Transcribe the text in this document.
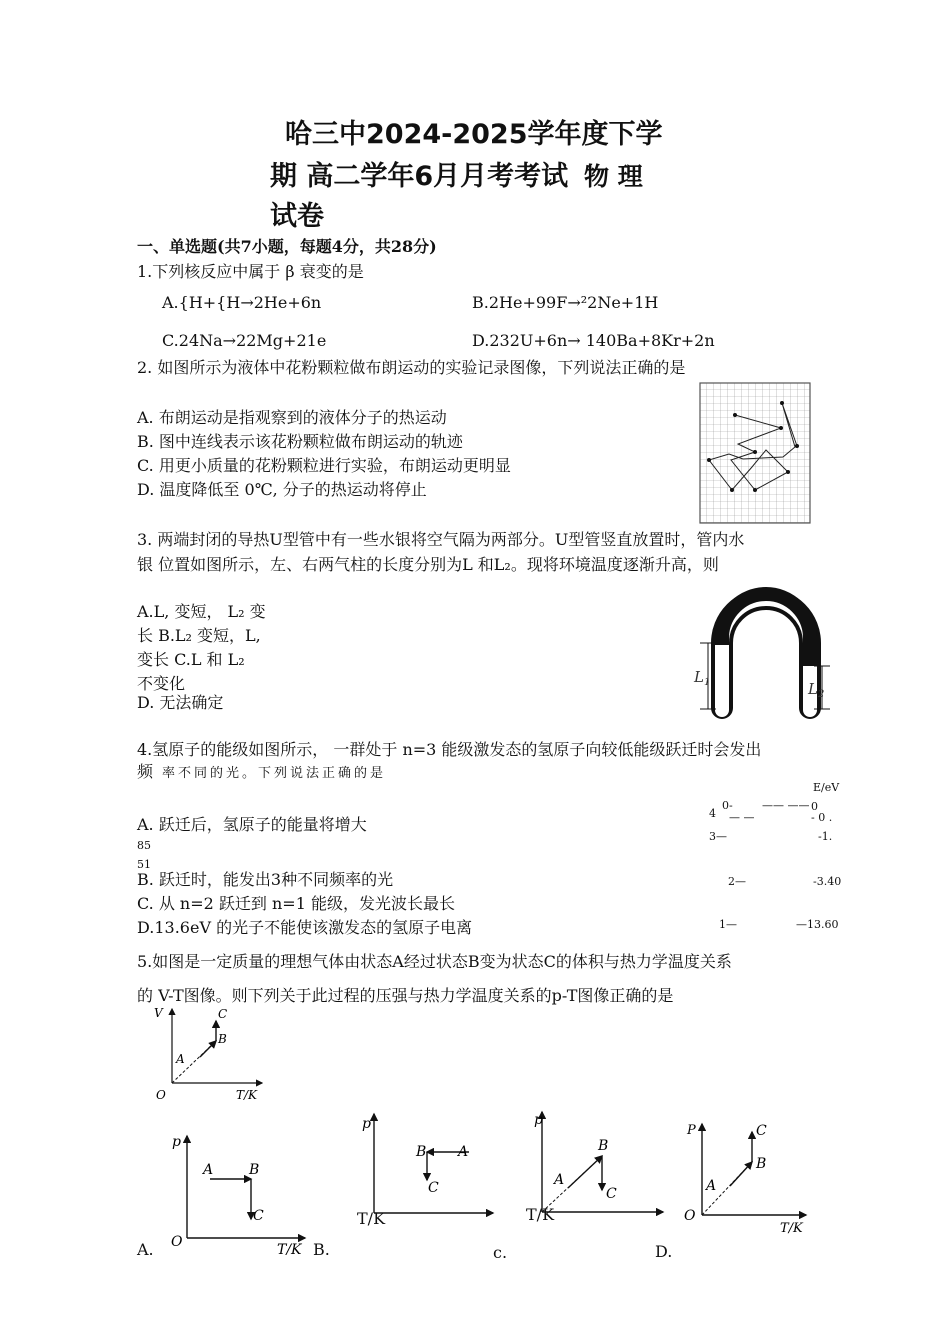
哈三中2024-2025学年度下学
期 高二学年6月月考考试 物 理
试卷
一、单选题(共7小题，每题4分，共28分)
1.下列核反应中属于 β 衰变的是
A.{H+{H→2He+6n	B.2He+99F→²2Ne+1H
C.24Na→22Mg+21e	D.232U+6n→ 140Ba+8Kr+2n
2. 如图所示为液体中花粉颗粒做布朗运动的实验记录图像，下列说法正确的是
A. 布朗运动是指观察到的液体分子的热运动
B. 图中连线表示该花粉颗粒做布朗运动的轨迹
C. 用更小质量的花粉颗粒进行实验，布朗运动更明显
D. 温度降低至 0℃, 分子的热运动将停止
3. 两端封闭的导热U型管中有一些水银将空气隔为两部分。U型管竖直放置时，管内水
银 位置如图所示，左、右两气柱的长度分别为L 和L₂。现将环境温度逐渐升高，则
A.L, 变短， L₂ 变
长 B.L₂ 变短，L,
变长 C.L 和 L₂
不变化
D. 无法确定
$L_1$	$L_2$
4.氢原子的能级如图所示， 一群处于 n=3 能级激发态的氢原子向较低能级跃迁时会发出
频 率不同的光。下列说法正确的是
A. 跃迁后，氢原子的能量将增大
85
51
B. 跃迁时，能发出3种不同频率的光
C. 从 n=2 跃迁到 n=1 能级，发光波长最长
D.13.6eV 的光子不能使该激发态的氢原子电离
E/eV
4
0-	—— —— 0
— —	- 0 .
3—	-1.
2—	-3.40
1—	—13.60
5.如图是一定质量的理想气体由状态A经过状态B变为状态C的体积与热力学温度关系
的 V-T图像。则下列关于此过程的压强与热力学温度关系的p-T图像正确的是
V
O	T/K
A
B
C
p
O	T/K
A	B
C
A.
p
A
B
C
T/K
B.
p
A
B
C
T/K
c.
P
O
T/K
A
B
C
D.
